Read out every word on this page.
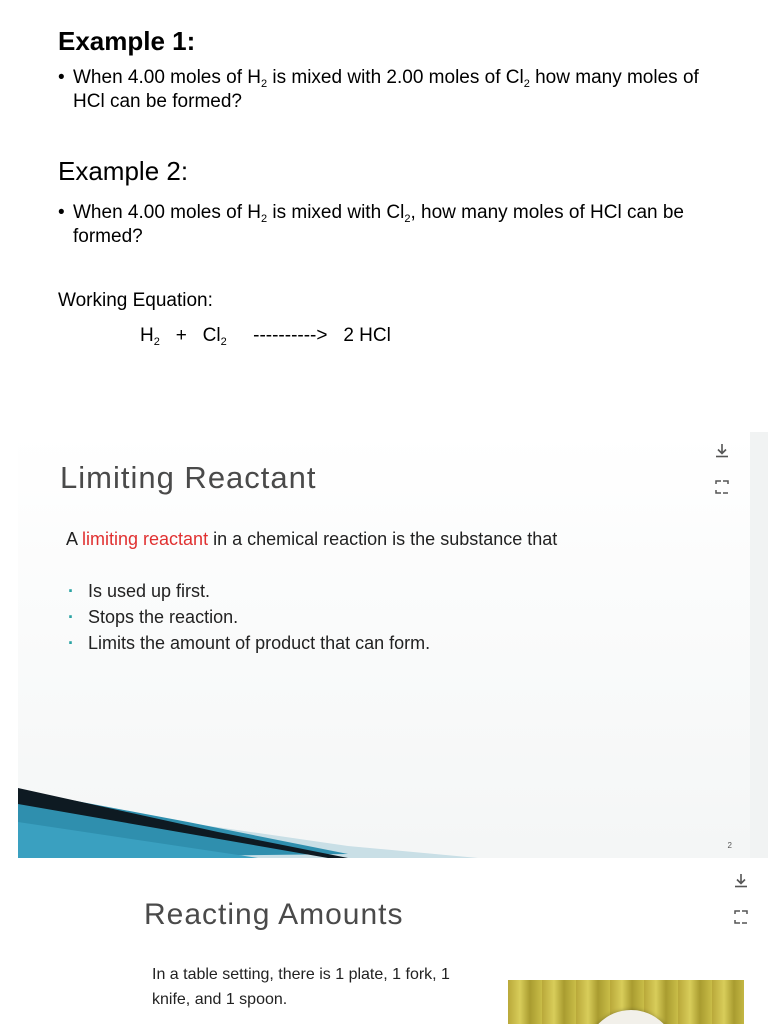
Example 1:
• When 4.00 moles of $H_2$ is mixed with 2.00 moles of $Cl_2$ how many moles of HCl can be formed?
Example 2:
• When 4.00 moles of $H_2$ is mixed with $Cl_2$, how many moles of HCl can be formed?
Working Equation:
$H_2 + Cl_2$     ---------->   2 HCl
Limiting Reactant
A limiting reactant in a chemical reaction is the substance that
· Is used up first.
· Stops the reaction.
· Limits the amount of product that can form.
2
Reacting Amounts
In a table setting, there is 1 plate, 1 fork, 1 knife, and 1 spoon.
